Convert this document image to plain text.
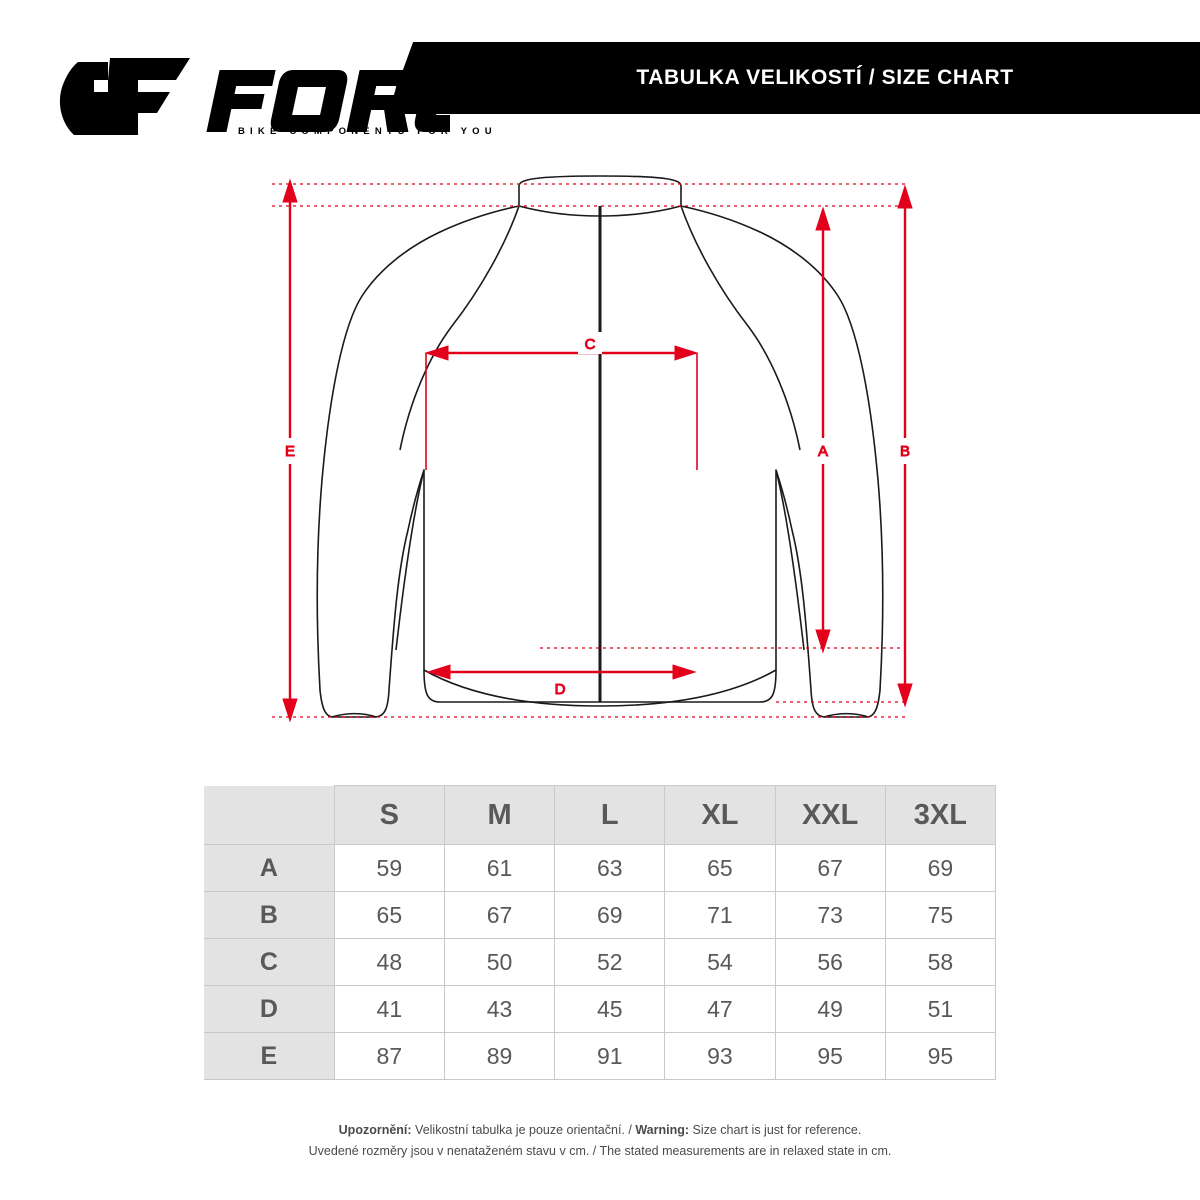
TABULKA VELIKOSTÍ / SIZE CHART
BIKE COMPONENTS FOR YOU
E	B
A
C
D
	S	M	L	XL	XXL	3XL
A	59	61	63	65	67	69
B	65	67	69	71	73	75
C	48	50	52	54	56	58
D	41	43	45	47	49	51
E	87	89	91	93	95	95
Upozornění: Velikostní tabulka je pouze orientační. / Warning: Size chart is just for reference.
Uvedené rozměry jsou v nenataženém stavu v cm. / The stated measurements are in relaxed state in cm.
